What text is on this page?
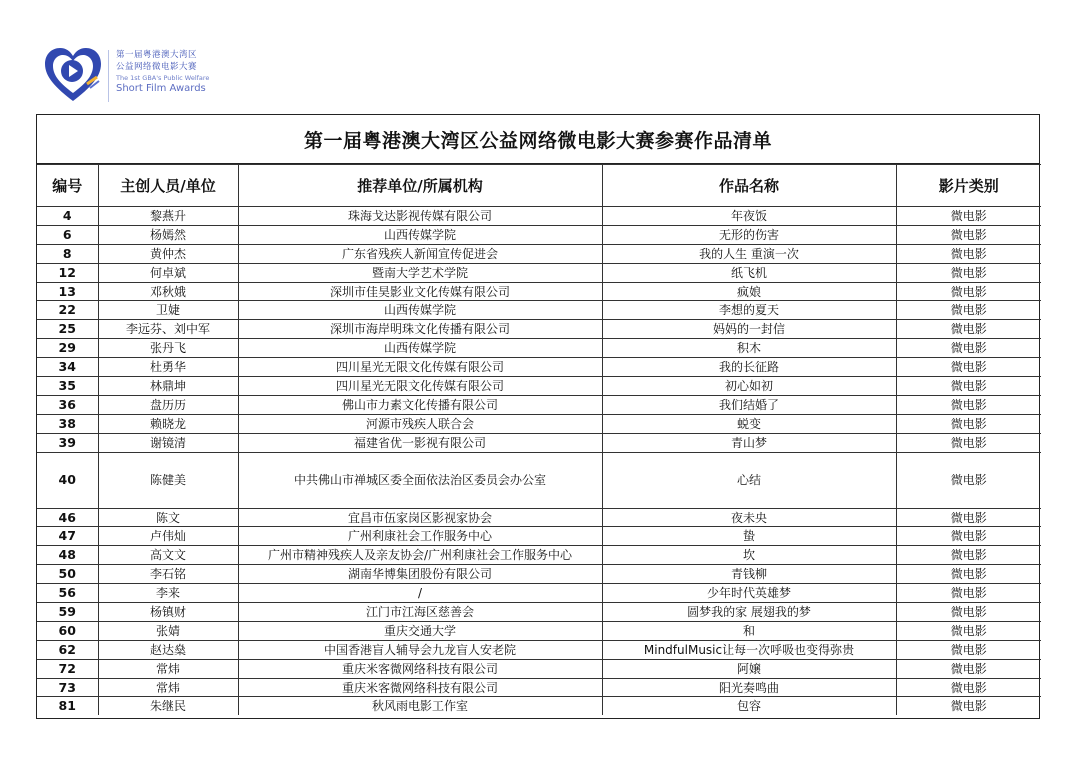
第一届粤港澳大湾区
公益网络微电影大赛
The 1st GBA's Public Welfare
Short Film Awards
第一届粤港澳大湾区公益网络微电影大赛参赛作品清单
编号	主创人员/单位	推荐单位/所属机构	作品名称	影片类别
4	黎燕升	珠海戈达影视传媒有限公司	年夜饭	微电影
6	杨嫣然	山西传媒学院	无形的伤害	微电影
8	黄仲杰	广东省残疾人新闻宣传促进会	我的人生 重演一次	微电影
12	何卓斌	暨南大学艺术学院	纸飞机	微电影
13	邓秋娥	深圳市佳昊影业文化传媒有限公司	疯娘	微电影
22	卫婕	山西传媒学院	李想的夏天	微电影
25	李远芬、刘中军	深圳市海岸明珠文化传播有限公司	妈妈的一封信	微电影
29	张丹飞	山西传媒学院	积木	微电影
34	杜勇华	四川星光无限文化传媒有限公司	我的长征路	微电影
35	林鼎坤	四川星光无限文化传媒有限公司	初心如初	微电影
36	盘历历	佛山市力素文化传播有限公司	我们结婚了	微电影
38	赖晓龙	河源市残疾人联合会	蜕变	微电影
39	谢镜清	福建省优一影视有限公司	青山梦	微电影
40	陈健美	中共佛山市禅城区委全面依法治区委员会办公室	心结	微电影
46	陈文	宜昌市伍家岗区影视家协会	夜未央	微电影
47	卢伟灿	广州利康社会工作服务中心	蛰	微电影
48	高文文	广州市精神残疾人及亲友协会/广州利康社会工作服务中心	坎	微电影
50	李石铭	湖南华博集团股份有限公司	青钱柳	微电影
56	李来	/	少年时代英雄梦	微电影
59	杨镇财	江门市江海区慈善会	圆梦我的家 展翅我的梦	微电影
60	张婧	重庆交通大学	和	微电影
62	赵达燊	中国香港盲人辅导会九龙盲人安老院	MindfulMusic让每一次呼吸也变得弥贵	微电影
72	常炜	重庆米客微网络科技有限公司	阿嬢	微电影
73	常炜	重庆米客微网络科技有限公司	阳光奏鸣曲	微电影
81	朱继民	秋风雨电影工作室	包容	微电影
